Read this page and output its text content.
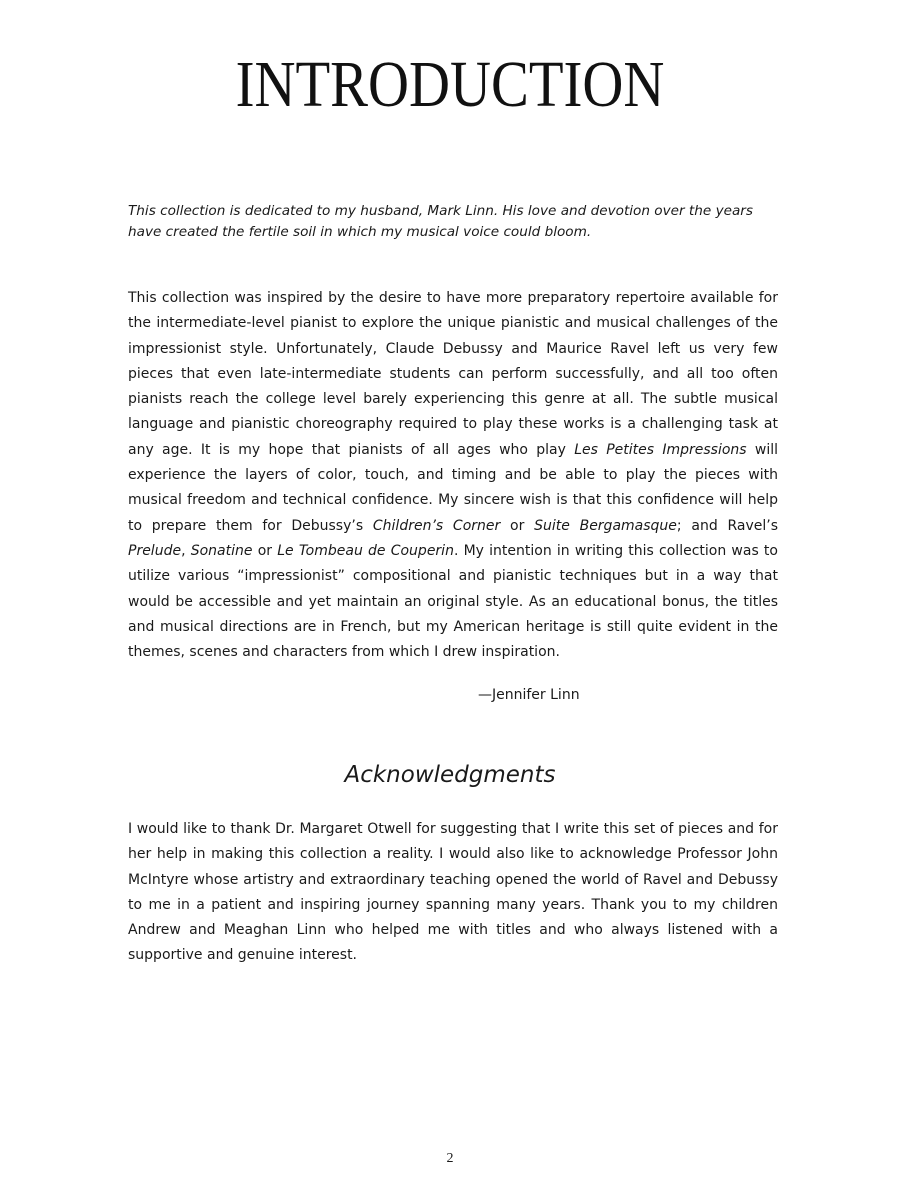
INTRODUCTION

This collection is dedicated to my husband, Mark Linn. His love and devotion over the years have created the fertile soil in which my musical voice could bloom.

This collection was inspired by the desire to have more preparatory repertoire available for the intermediate-level pianist to explore the unique pianistic and musical challenges of the impressionist style. Unfortunately, Claude Debussy and Maurice Ravel left us very few pieces that even late-intermediate students can perform successfully, and all too often pianists reach the college level barely experiencing this genre at all. The subtle musical language and pianistic choreography required to play these works is a challenging task at any age. It is my hope that pianists of all ages who play Les Petites Impressions will experience the layers of color, touch, and timing and be able to play the pieces with musical freedom and technical confidence. My sincere wish is that this confidence will help to prepare them for Debussy’s Children’s Corner or Suite Bergamasque; and Ravel’s Prelude, Sonatine or Le Tombeau de Couperin. My intention in writing this collection was to utilize various “impressionist” compositional and pianistic techniques but in a way that would be accessible and yet maintain an original style. As an educational bonus, the titles and musical directions are in French, but my American heritage is still quite evident in the themes, scenes and characters from which I drew inspiration.

—Jennifer Linn

Acknowledgments

I would like to thank Dr. Margaret Otwell for suggesting that I write this set of pieces and for her help in making this collection a reality. I would also like to acknowledge Professor John McIntyre whose artistry and extraordinary teaching opened the world of Ravel and Debussy to me in a patient and inspiring journey spanning many years. Thank you to my children Andrew and Meaghan Linn who helped me with titles and who always listened with a supportive and genuine interest.

2
